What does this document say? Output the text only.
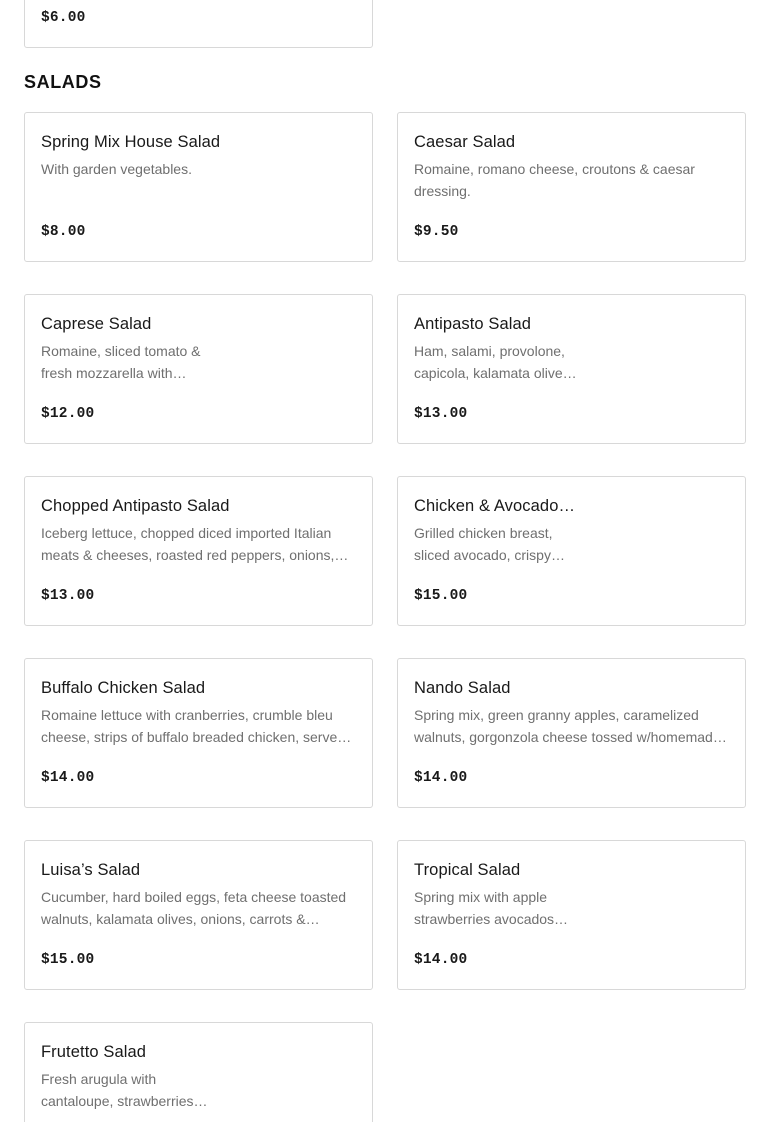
$6.00
SALADS
Spring Mix House Salad
With garden vegetables.
$8.00
Caesar Salad
Romaine, romano cheese, croutons & caesar dressing.
$9.50
Caprese Salad
Romaine, sliced tomato & fresh mozzarella with…
$12.00
Antipasto Salad
Ham, salami, provolone, capicola, kalamata olive…
$13.00
Chopped Antipasto Salad
Iceberg lettuce, chopped diced imported Italian meats & cheeses, roasted red peppers, onions,…
$13.00
Chicken & Avocado…
Grilled chicken breast, sliced avocado, crispy…
$15.00
Buffalo Chicken Salad
Romaine lettuce with cranberries, crumble bleu cheese, strips of buffalo breaded chicken, serve…
$14.00
Nando Salad
Spring mix, green granny apples, caramelized walnuts, gorgonzola cheese tossed w/homemad…
$14.00
Luisa’s Salad
Cucumber, hard boiled eggs, feta cheese toasted walnuts, kalamata olives, onions, carrots &…
$15.00
Tropical Salad
Spring mix with apple strawberries avocados…
$14.00
Frutetto Salad
Fresh arugula with cantaloupe, strawberries…
